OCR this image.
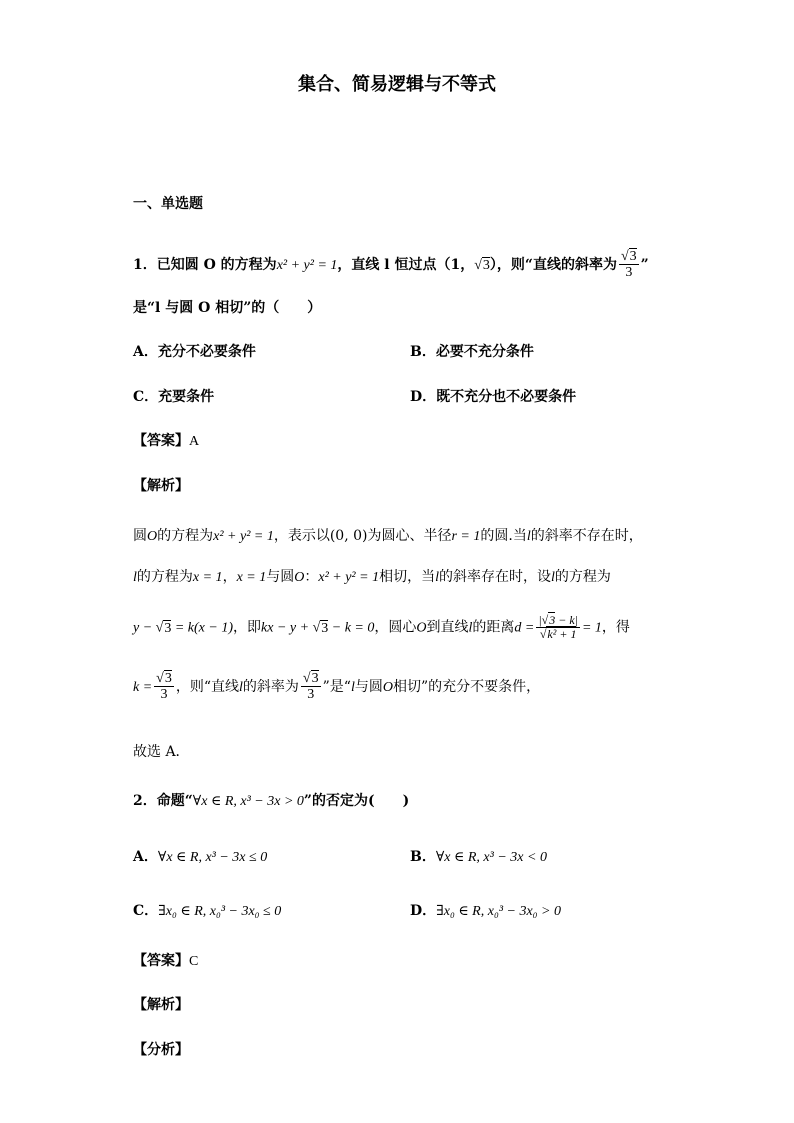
集合、简易逻辑与不等式
一、单选题
1．已知圆 O 的方程为x² + y² = 1，直线 l 恒过点（1，√3），则“直线的斜率为 $\frac{√3}{3}$ ”
是“l 与圆 O 相切”的（　　）
A．充分不必要条件	B．必要不充分条件
C．充要条件	D．既不充分也不必要条件
【答案】A
【解析】
圆O的方程为x² + y² = 1，表示以(0, 0)为圆心、半径r = 1的圆.当l的斜率不存在时，
l的方程为x = 1，x = 1与圆O：x² + y² = 1相切，当l的斜率存在时，设l的方程为
y − √3 = k(x − 1)，即kx − y + √3 − k = 0，圆心O到直线l的距离$d = \frac{|√3 - k|}{\text{√k² + 1}} = 1$，得
$k = \frac{√3}{3}$ ，则“直线l的斜率为 $\frac{√3}{3}$ ”是“l与圆O相切”的充分不要条件，
故选 A．
2．命题“∀x ∈ R, x³ − 3x > 0”的否定为(　　)
A．∀x ∈ R, x³ − 3x ≤ 0	B．∀x ∈ R, x³ − 3x < 0
C．∃x₀ ∈ R, x₀³ − 3x₀ ≤ 0	D．∃x₀ ∈ R, x₀³ − 3x₀ > 0
【答案】C
【解析】
【分析】
